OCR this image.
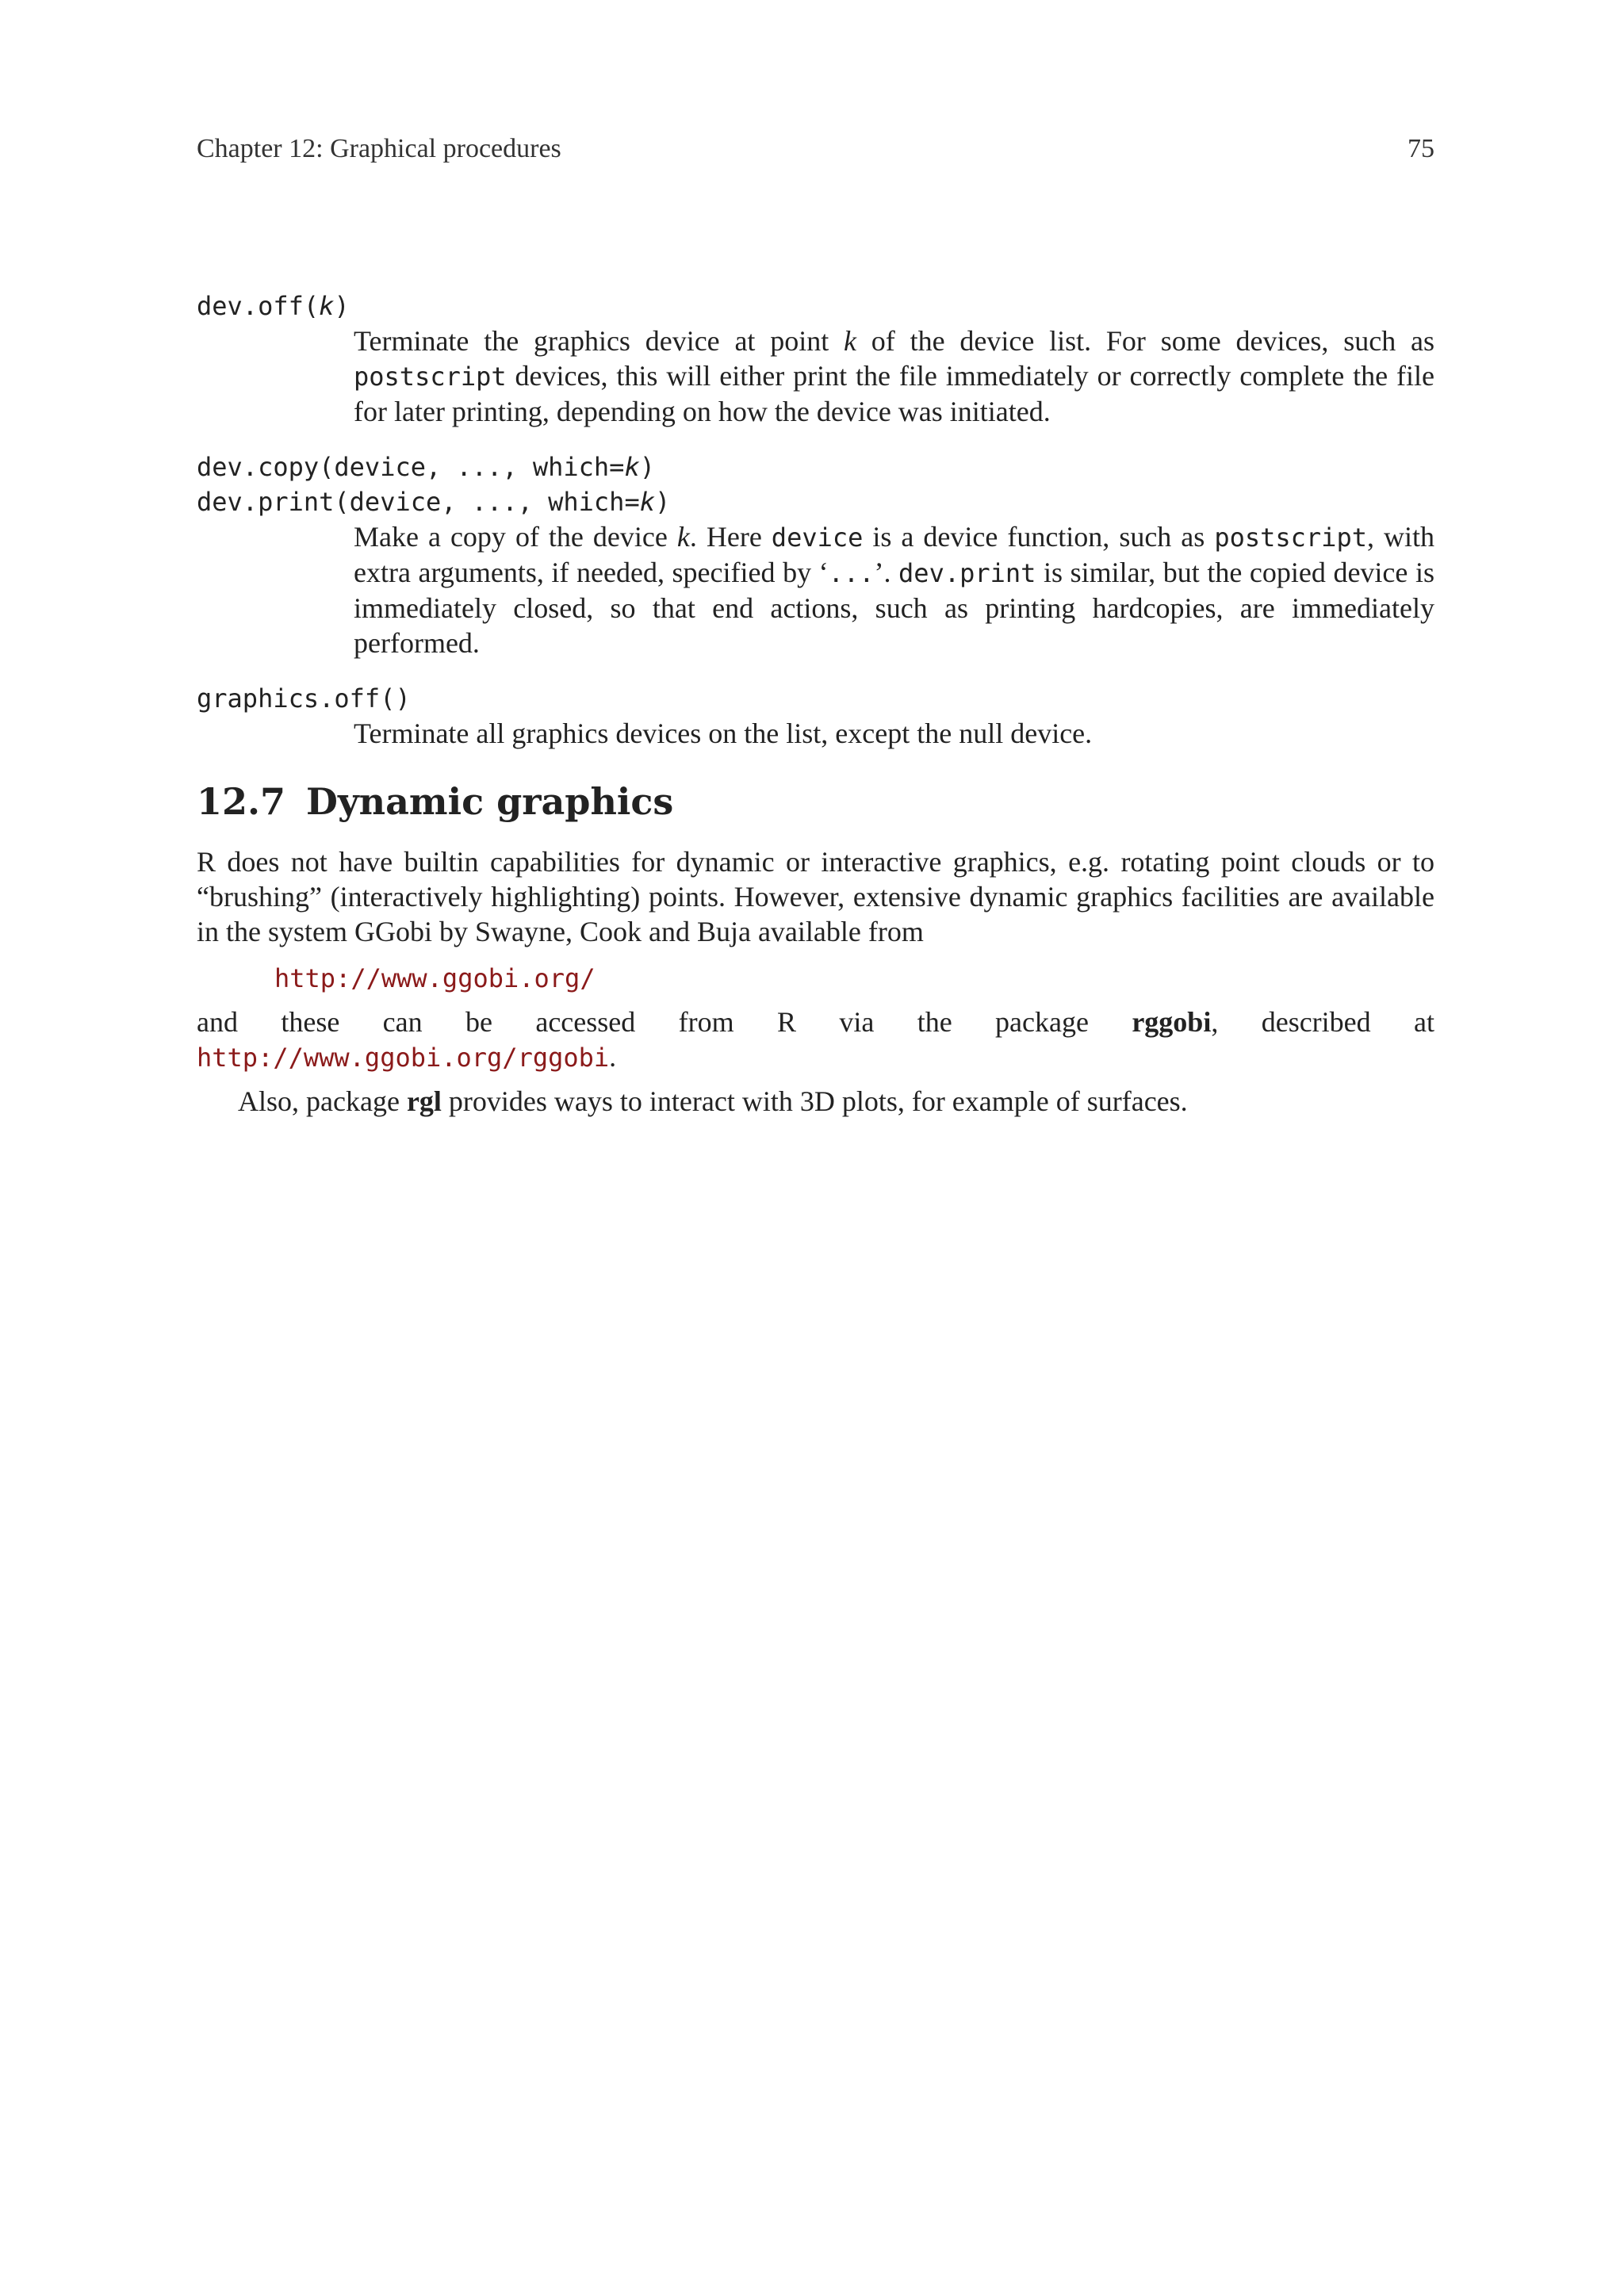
Chapter 12: Graphical procedures	75
dev.off(k)
Terminate the graphics device at point k of the device list. For some devices, such as postscript devices, this will either print the file immediately or correctly complete the file for later printing, depending on how the device was initiated.
dev.copy(device, ..., which=k)
dev.print(device, ..., which=k)
Make a copy of the device k. Here device is a device function, such as postscript, with extra arguments, if needed, specified by ‘...’. dev.print is similar, but the copied device is immediately closed, so that end actions, such as printing hardcopies, are immediately performed.
graphics.off()
Terminate all graphics devices on the list, except the null device.
12.7 Dynamic graphics
R does not have builtin capabilities for dynamic or interactive graphics, e.g. rotating point clouds or to “brushing” (interactively highlighting) points. However, extensive dynamic graphics facilities are available in the system GGobi by Swayne, Cook and Buja available from
http://www.ggobi.org/
and these can be accessed from R via the package rggobi, described at
http://www.ggobi.org/rggobi.
Also, package rgl provides ways to interact with 3D plots, for example of surfaces.
